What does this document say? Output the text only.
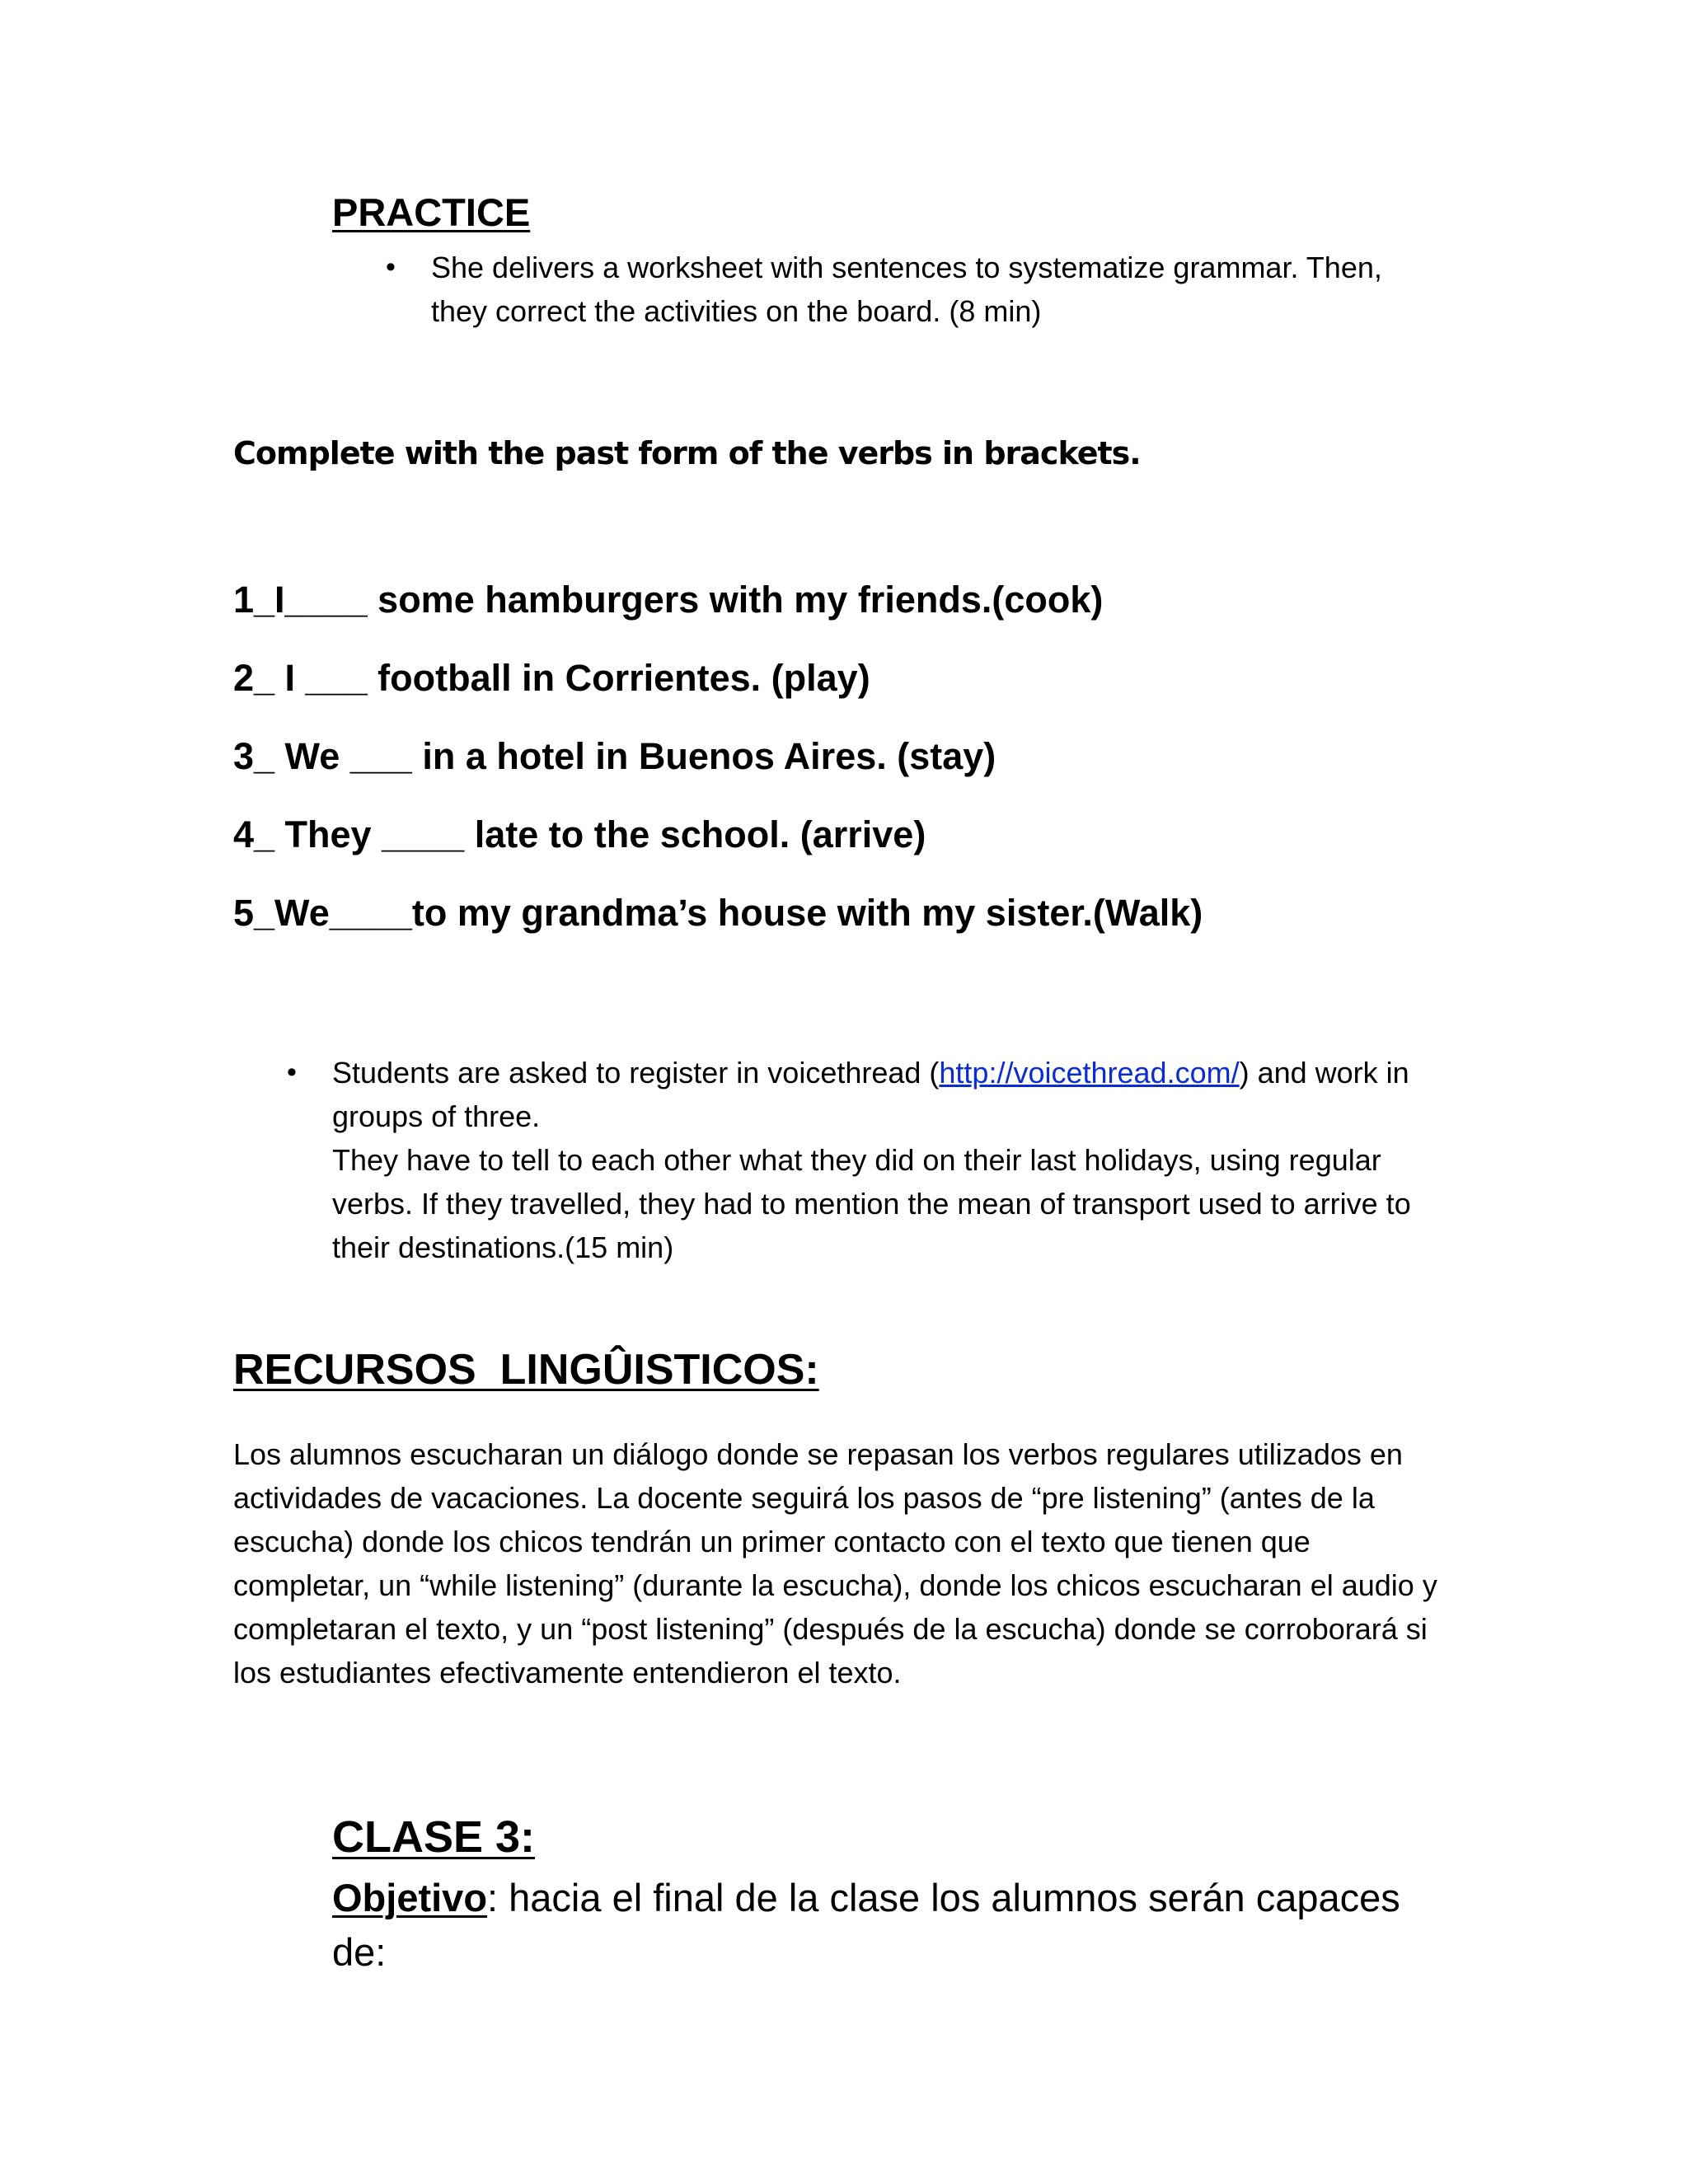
PRACTICE
• She delivers a worksheet with sentences to systematize grammar. Then, they correct the activities on the board. (8 min)
Complete with the past form of the verbs in brackets.
1_I____ some hamburgers with my friends.(cook)
2_ I ___ football in Corrientes. (play)
3_ We ___ in a hotel in Buenos Aires. (stay)
4_ They ____ late to the school. (arrive)
5_We____to my grandma’s house with my sister.(Walk)
• Students are asked to register in voicethread (http://voicethread.com/) and work in groups of three.
They have to tell to each other what they did on their last holidays, using regular verbs. If they travelled, they had to mention the mean of transport used to arrive to their destinations.(15 min)
RECURSOS  LINGÛISTICOS:
Los alumnos escucharan un diálogo donde se repasan los verbos regulares utilizados en actividades de vacaciones. La docente seguirá los pasos de “pre listening” (antes de la escucha) donde los chicos tendrán un primer contacto con el texto que tienen que completar, un “while listening” (durante la escucha), donde los chicos escucharan el audio y completaran el texto, y un “post listening” (después de la escucha) donde se corroborará si los estudiantes efectivamente entendieron el texto.
CLASE 3:
Objetivo: hacia el final de la clase los alumnos serán capaces de:
